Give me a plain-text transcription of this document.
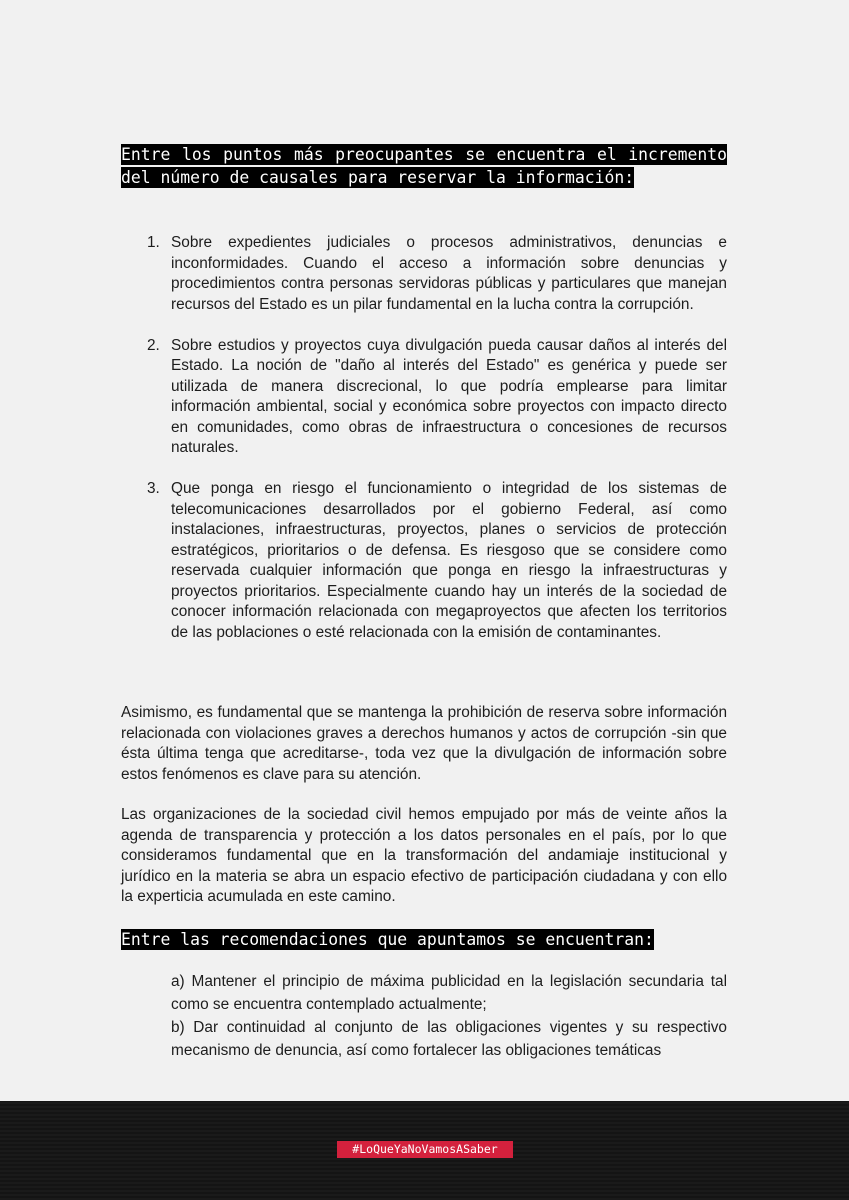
Entre los puntos más preocupantes se encuentra el incremento del número de causales para reservar la información:
1. Sobre expedientes judiciales o procesos administrativos, denuncias e inconformidades. Cuando el acceso a información sobre denuncias y procedimientos contra personas servidoras públicas y particulares que manejan recursos del Estado es un pilar fundamental en la lucha contra la corrupción.
2. Sobre estudios y proyectos cuya divulgación pueda causar daños al interés del Estado. La noción de "daño al interés del Estado" es genérica y puede ser utilizada de manera discrecional, lo que podría emplearse para limitar información ambiental, social y económica sobre proyectos con impacto directo en comunidades, como obras de infraestructura o concesiones de recursos naturales.
3. Que ponga en riesgo el funcionamiento o integridad de los sistemas de telecomunicaciones desarrollados por el gobierno Federal, así como instalaciones, infraestructuras, proyectos, planes o servicios de protección estratégicos, prioritarios o de defensa. Es riesgoso que se considere como reservada cualquier información que ponga en riesgo la infraestructuras y proyectos prioritarios. Especialmente cuando hay un interés de la sociedad de conocer información relacionada con megaproyectos que afecten los territorios de las poblaciones o esté relacionada con la emisión de contaminantes.

Asimismo, es fundamental que se mantenga la prohibición de reserva sobre información relacionada con violaciones graves a derechos humanos y actos de corrupción -sin que ésta última tenga que acreditarse-, toda vez que la divulgación de información sobre estos fenómenos es clave para su atención.

Las organizaciones de la sociedad civil hemos empujado por más de veinte años la agenda de transparencia y protección a los datos personales en el país, por lo que consideramos fundamental que en la transformación del andamiaje institucional y jurídico en la materia se abra un espacio efectivo de participación ciudadana y con ello la experticia acumulada en este camino.

Entre las recomendaciones que apuntamos se encuentran:

a) Mantener el principio de máxima publicidad en la legislación secundaria tal como se encuentra contemplado actualmente;

b) Dar continuidad al conjunto de las obligaciones vigentes y su respectivo mecanismo de denuncia, así como fortalecer las obligaciones temáticas

#LoQueYaNoVamosASaber
